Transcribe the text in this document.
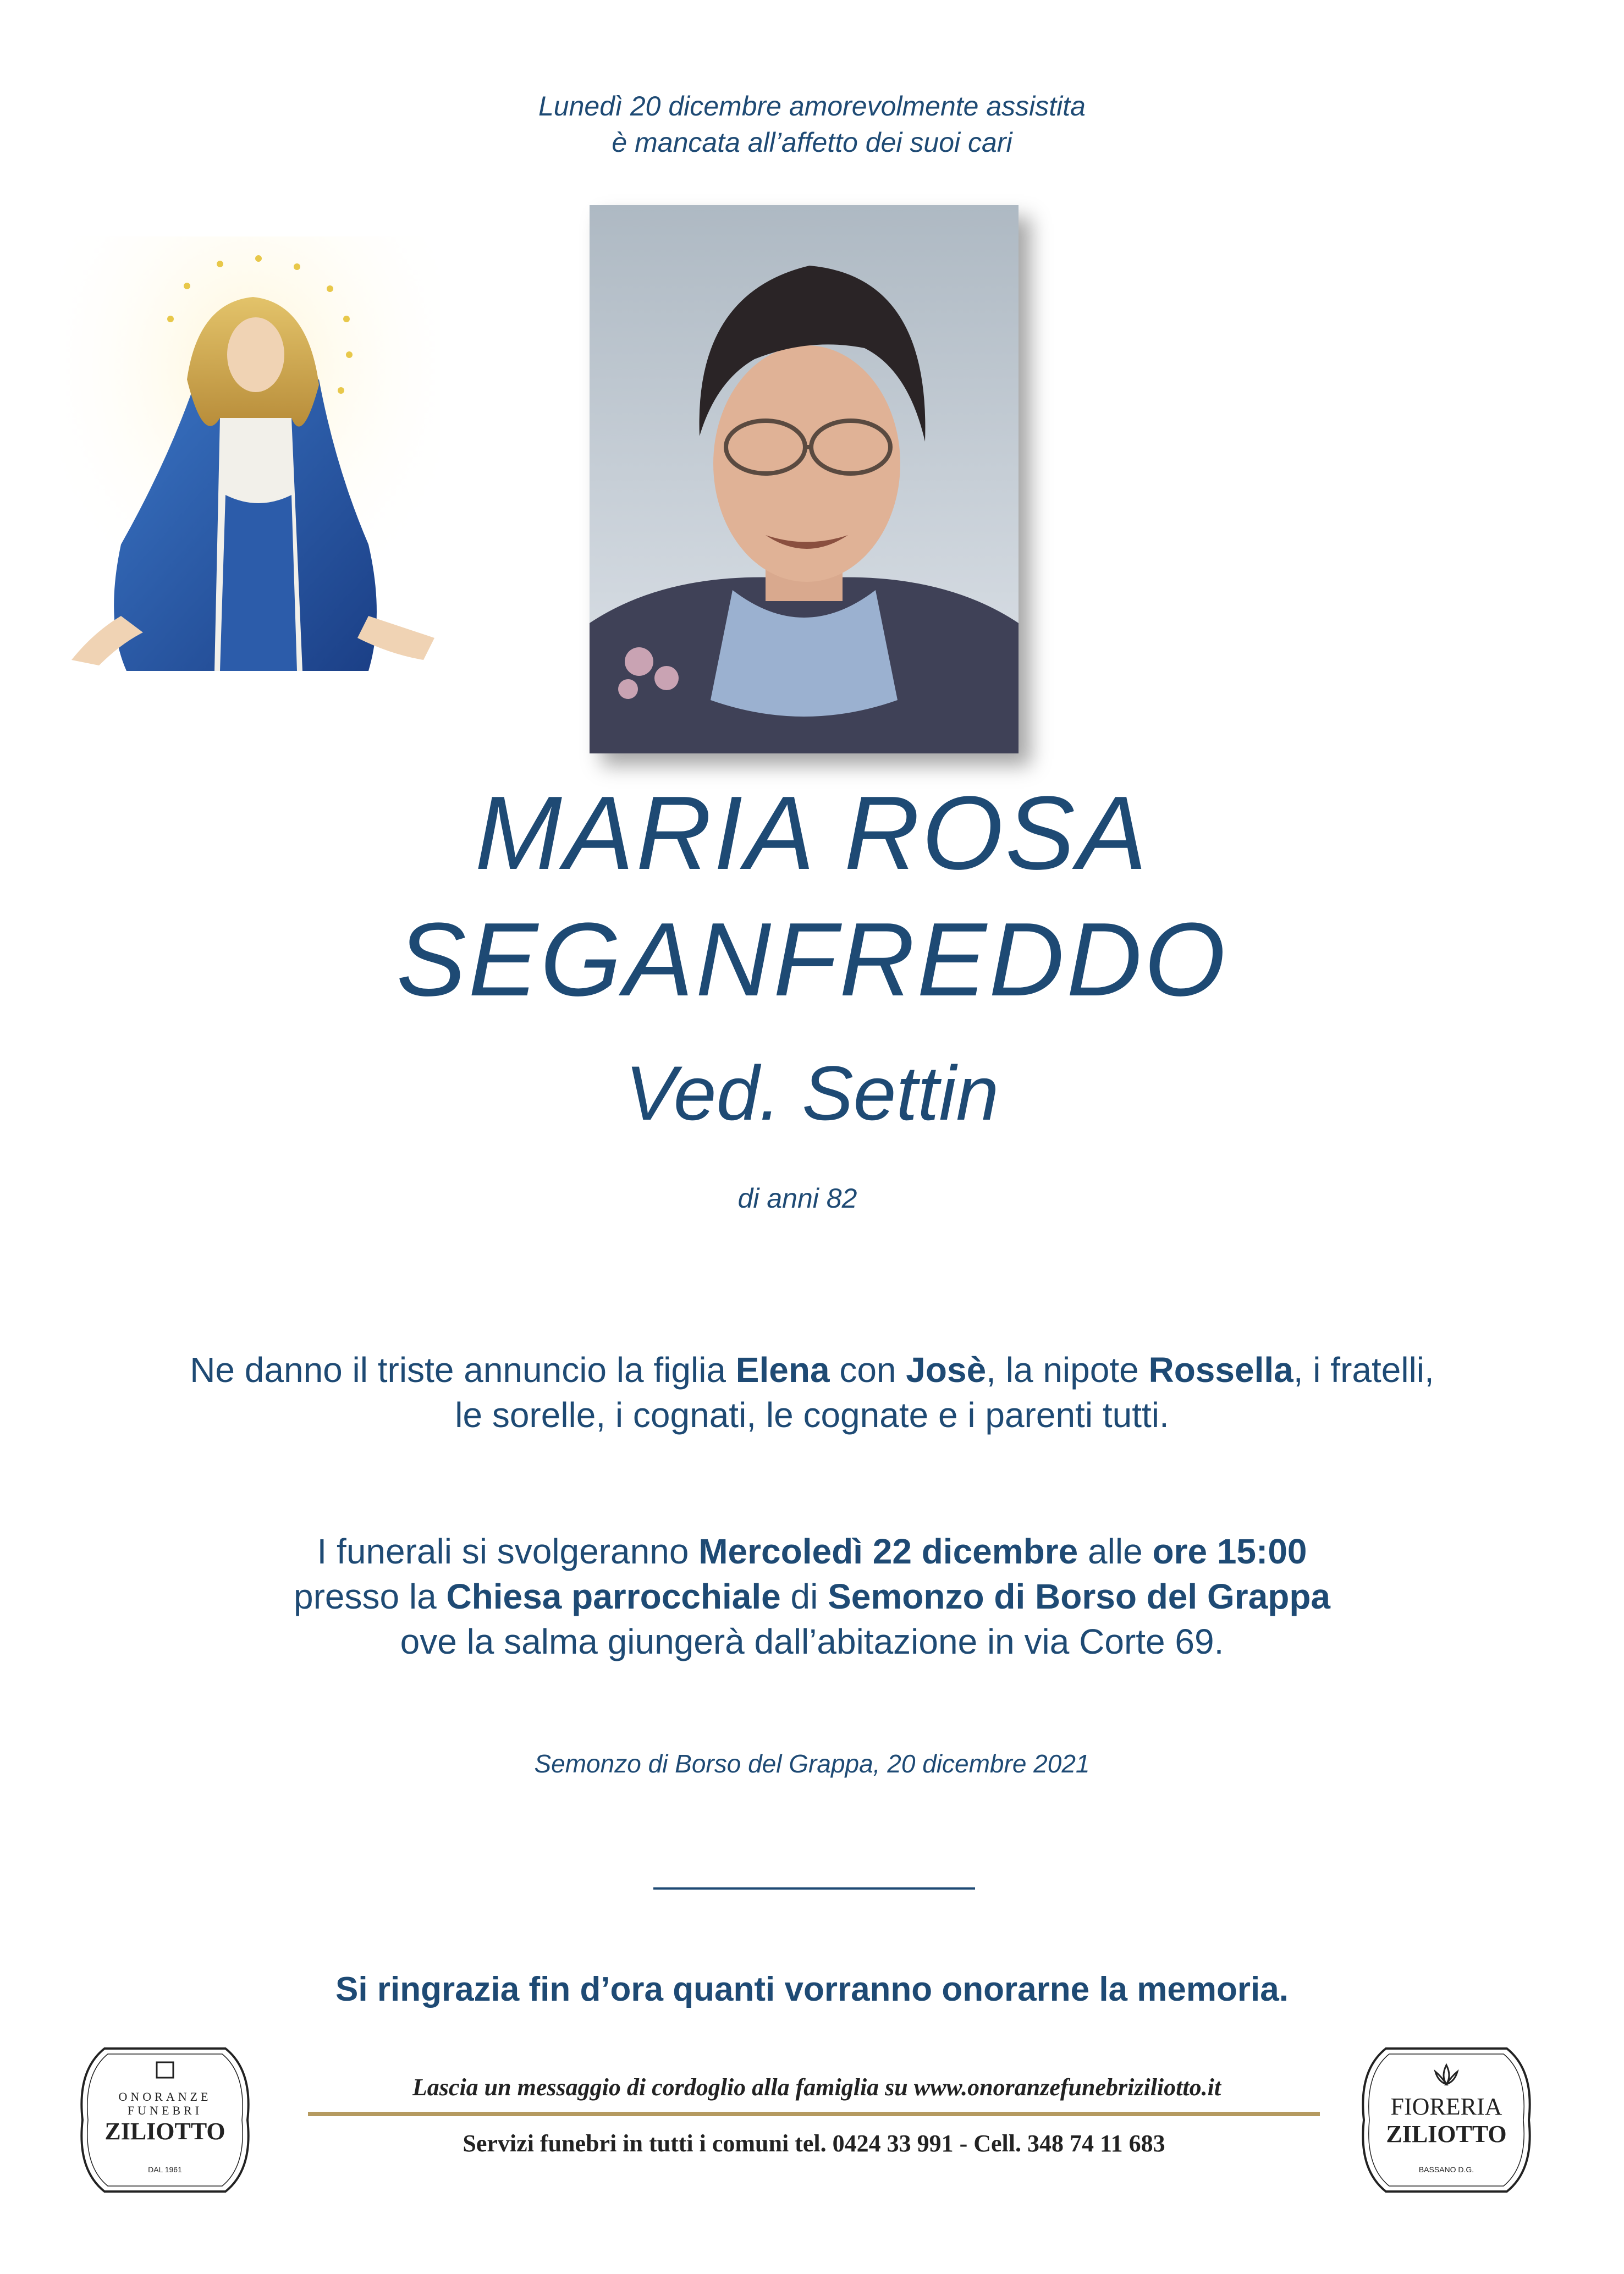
Lunedì 20 dicembre amorevolmente assistita
è mancata all’affetto dei suoi cari
MARIA ROSA
SEGANFREDDO
Ved. Settin
di anni 82
Ne danno il triste annuncio la figlia Elena con Josè, la nipote Rossella, i fratelli,
le sorelle, i cognati, le cognate e i parenti tutti.
I funerali si svolgeranno Mercoledì 22 dicembre alle ore 15:00
presso la Chiesa parrocchiale di Semonzo di Borso del Grappa
ove la salma giungerà dall’abitazione in via Corte 69.
Semonzo di Borso del Grappa, 20 dicembre 2021
Si ringrazia fin d’ora quanti vorranno onorarne la memoria.
ONORANZE
FUNEBRI
ZILIOTTO
DAL 1961
Lascia un messaggio di cordoglio alla famiglia su www.onoranzefunebriziliotto.it
Servizi funebri in tutti i comuni tel. 0424 33 991 - Cell. 348 74 11 683
FIORERIA
ZILIOTTO
BASSANO D.G.
